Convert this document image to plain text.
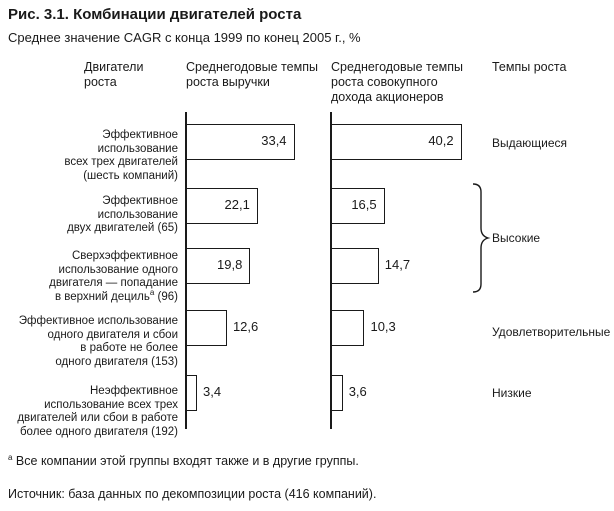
Рис. 3.1. Комбинации двигателей роста
Среднее значение CAGR с конца 1999 по конец 2005 г., %
Двигатели
роста
Среднегодовые темпы
роста выручки
Среднегодовые темпы
роста совокупного
дохода акционеров
Темпы роста

Эффективное
использование
всех трех двигателей
(шесть компаний)

Эффективное
использование
двух двигателей (65)

Сверхэффективное
использование одного
двигателя — попадание
в верхний дециль$^a$ (96)

Эффективное использование
одного двигателя и сбои
в работе не более
одного двигателя (153)

Неэффективное
использование всех трех
двигателей или сбои в работе
более одного двигателя (192)

33,4
22,1
19,8
12,6
3,4
40,2
16,5
14,7
10,3
3,6
Выдающиеся
Высокие
Удовлетворительные
Низкие
$^a$ Все компании этой группы входят также и в другие группы.
Источник: база данных по декомпозиции роста (416 компаний).
